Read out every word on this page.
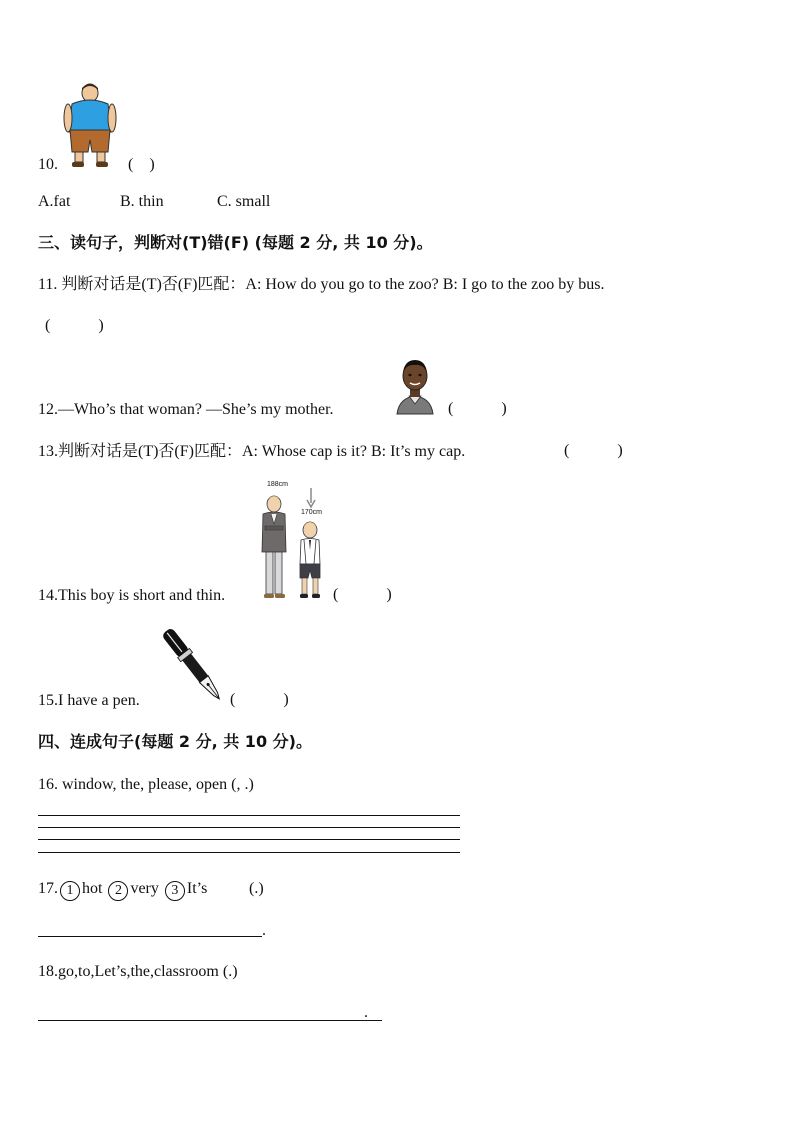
10.	(　)
A.fat	B. thin	C. small
三、读句子，判断对(T)错(F) (每题 2 分, 共 10 分)。
11. 判断对话是(T)否(F)匹配：A: How do you go to the zoo? B: I go to the zoo by bus.
(　　　)
12.—Who’s that woman? —She’s my mother.	(　　　)
13.判断对话是(T)否(F)匹配：A: Whose cap is it? B: It’s my cap.	(　　　)
188cm
170cm
14.This boy is short and thin.	(　　　)
15.I have a pen.	(　　　)
四、连成句子(每题 2 分, 共 10 分)。
16. window, the, please, open (, .)
17. 1 hot 2 very 3 It’s	(.)
.
18.go,to,Let’s,the,classroom (.)
.
